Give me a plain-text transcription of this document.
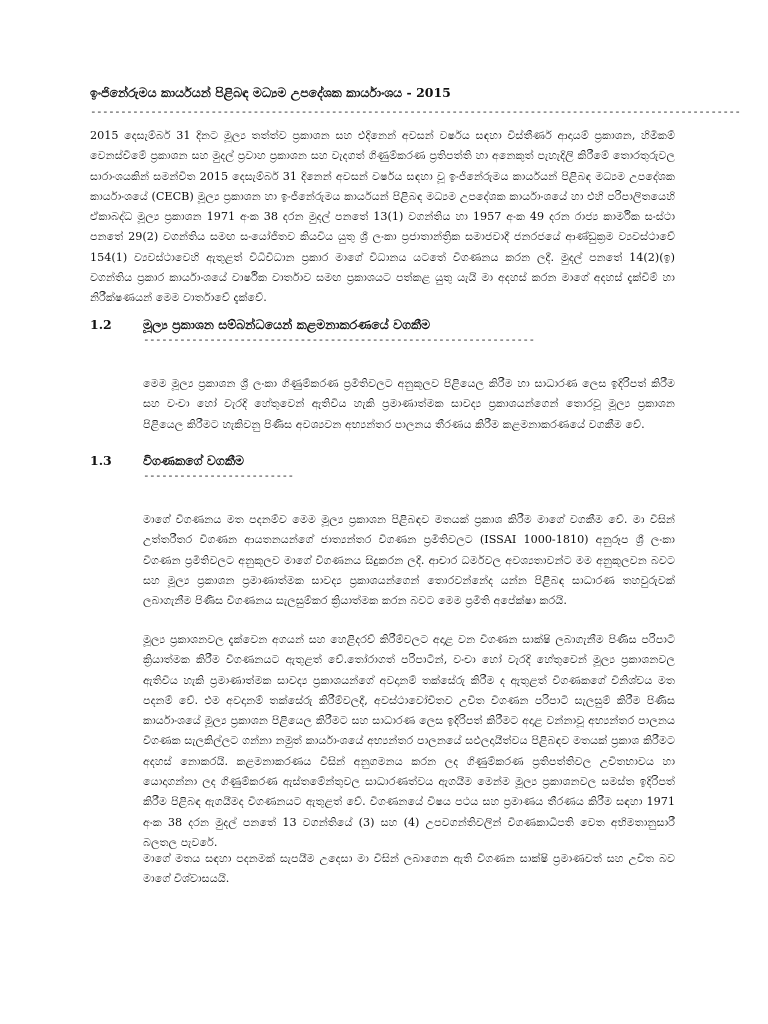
ඉංජිනේරුමය කාර්යයන් පිළිබඳ මධ්‍යම උපදේශක කාර්යාංශය - 2015
------------------------------------------------------------------------------------------------------------

2015 දෙසැම්බර් 31 දිනට මූල්‍ය තත්ත්ව ප්‍රකාශන සහ එදිනෙන් අවසන් වර්ෂය සඳහා විස්තීර්ණ ආදායම් ප්‍රකාශන, හිමිකම් වෙනස්වීමේ ප්‍රකාශන සහ මුදල් ප්‍රවාහ ප්‍රකාශන සහ වැදගත් ගිණුම්කරණ ප්‍රතිපත්ති හා අනෙකුත් පැහැදිලි කිරීමේ තොරතුරුවල සාරාංශයකින් සමන්විත 2015 දෙසැම්බර් 31 දිනෙන් අවසන් වර්ෂය සඳහා වූ ඉංජිනේරුමය කාර්යයන් පිළිබඳ මධ්‍යම උපදේශක කාර්යාංශයේ (CECB) මූල්‍ය ප්‍රකාශන හා ඉංජිනේරුමය කාර්යයන් පිළිබඳ මධ්‍යම උපදේශක කාර්යාංශයේ හා එහි පරිපාලිතයෙහි ඒකාබද්ධ මූල්‍ය ප්‍රකාශන 1971 අංක 38 දරන මුදල් පනතේ 13(1) වගන්තිය හා 1957 අංක 49 දරන රාජ්‍ය කාර්මික සංස්ථා පනතේ 29(2) වගන්තිය සමඟ සංයෝජිතව කියවිය යුතු ශ්‍රී ලංකා ප්‍රජාතාන්ත්‍රික සමාජවාදී ජනරජයේ ආණ්ඩුක්‍රම ව්‍යවස්ථාවේ 154(1) ව්‍යවස්ථාවෙහි ඇතුළත් විධිවිධාන ප්‍රකාර මාගේ විධානය යටතේ විගණනය කරන ලදී. මුදල් පනතේ 14(2)(ඉ) වගන්තිය ප්‍රකාර කාර්යාංශයේ වාර්ෂික වාර්තාව සමඟ ප්‍රකාශයට පත්කළ යුතු යැයි මා අදහස් කරන මාගේ අදහස් දැක්වීම් හා නිරීක්ෂණයන් මෙම වාර්තාවේ දැක්වේ.

1.2	මූල්‍ය ප්‍රකාශන සම්බන්ධයෙන් කළමනාකරණයේ වගකීම
-----------------------------------------------------------------

මෙම මූල්‍ය ප්‍රකාශන ශ්‍රී ලංකා ගිණුම්කරණ ප්‍රමිතිවලට අනුකූලව පිළියෙල කිරීම හා සාධාරණ ලෙස ඉදිරිපත් කිරීම සහ වංචා හෝ වැරදි හේතුවෙන් ඇතිවිය හැකි ප්‍රමාණාත්මක සාවද්‍ය ප්‍රකාශයන්ගෙන් තොරවූ මූල්‍ය ප්‍රකාශන පිළියෙල කිරීමට හැකිවනු පිණිස අවශ්‍යවන අභ්‍යන්තර පාලනය තීරණය කිරීම කළමනාකරණයේ වගකීම වේ.

1.3	විගණකගේ වගකීම
-------------------------

මාගේ විගණනය මත පදනම්ව මෙම මූල්‍ය ප්‍රකාශන පිළිබඳව මතයක් ප්‍රකාශ කිරීම මාගේ වගකීම වේ. මා විසින් උත්තරීතර විගණන ආයතනයන්ගේ ජාත්‍යන්තර විගණන ප්‍රමිතිවලට (ISSAI 1000-1810) අනුරූප ශ්‍රී ලංකා විගණන ප්‍රමිතිවලට අනුකූලව මාගේ විගණනය සිදුකරන ලදී. ආචාර ධර්මවල අවශ්‍යතාවන්ට මම අනුකූලවන බවට සහ මූල්‍ය ප්‍රකාශන ප්‍රමාණාත්මක සාවද්‍ය ප්‍රකාශයන්ගෙන් තොරවන්නේද යන්න පිළිබඳ සාධාරණ තහවුරුවක් ලබාගැනීම පිණිස විගණනය සැලසුම්කර ක්‍රියාත්මක කරන බවට මෙම ප්‍රමිති අපේක්ෂා කරයි.

මූල්‍ය ප්‍රකාශනවල දැක්වෙන අගයන් සහ හෙළිදරව් කිරීම්වලට අදාළ වන විගණන සාක්ෂි ලබාගැනීම පිණිස පරිපාටි ක්‍රියාත්මක කිරීම විගණනයට ඇතුළත් වේ.තෝරාගත් පරිපාටීන්, වංචා හෝ වැරදි හේතුවෙන් මූල්‍ය ප්‍රකාශනවල ඇතිවිය හැකි ප්‍රමාණාත්මක සාවද්‍ය ප්‍රකාශයන්ගේ අවදානම් තක්සේරු කිරීම ද ඇතුළත් විගණකගේ විනිශ්චය මත පදනම් වේ. එම අවදානම් තක්සේරු කිරීම්වලදී, අවස්ථාවෝචිතව උචිත විගණන පරිපාටි සැලසුම් කිරීම පිණිස කාර්යාංශයේ මූල්‍ය ප්‍රකාශන පිළියෙල කිරීමට සහ සාධාරණ ලෙස ඉදිරිපත් කිරීමට අදාළ වන්නාවූ අභ්‍යන්තර පාලනය විගණක සැලකිල්ලට ගන්නා නමුත් කාර්යාංශයේ අභ්‍යන්තර පාලනයේ සඵලදායීත්වය පිළිබඳව මතයක් ප්‍රකාශ කිරීමට අදහස් නොකරයි. කළමනාකරණය විසින් අනුගමනය කරන ලද ගිණුම්කරණ ප්‍රතිපත්තිවල උචිතභාවය හා යොදාගන්නා ලද ගිණුම්කරණ ඇස්තමේන්තුවල සාධාරණත්වය ඇගයීම මෙන්ම මූල්‍ය ප්‍රකාශනවල සමස්ත ඉදිරිපත් කිරීම පිළිබඳ ඇගයීමද විගණනයට ඇතුළත් වේ. විගණනයේ විෂය පථය සහ ප්‍රමාණය තීරණය කිරීම සඳහා 1971 අංක 38 දරන මුදල් පනතේ 13 වගන්තියේ (3) සහ (4) උපවගන්තිවලින් විගණකාධිපති වෙත අභිමතානුසාරී බලතල පැවරේ.

මාගේ මතය සඳහා පදනමක් සැපයීම උදෙසා මා විසින් ලබාගෙන ඇති විගණන සාක්ෂි ප්‍රමාණවත් සහ උචිත බව මාගේ විශ්වාසයයි.
